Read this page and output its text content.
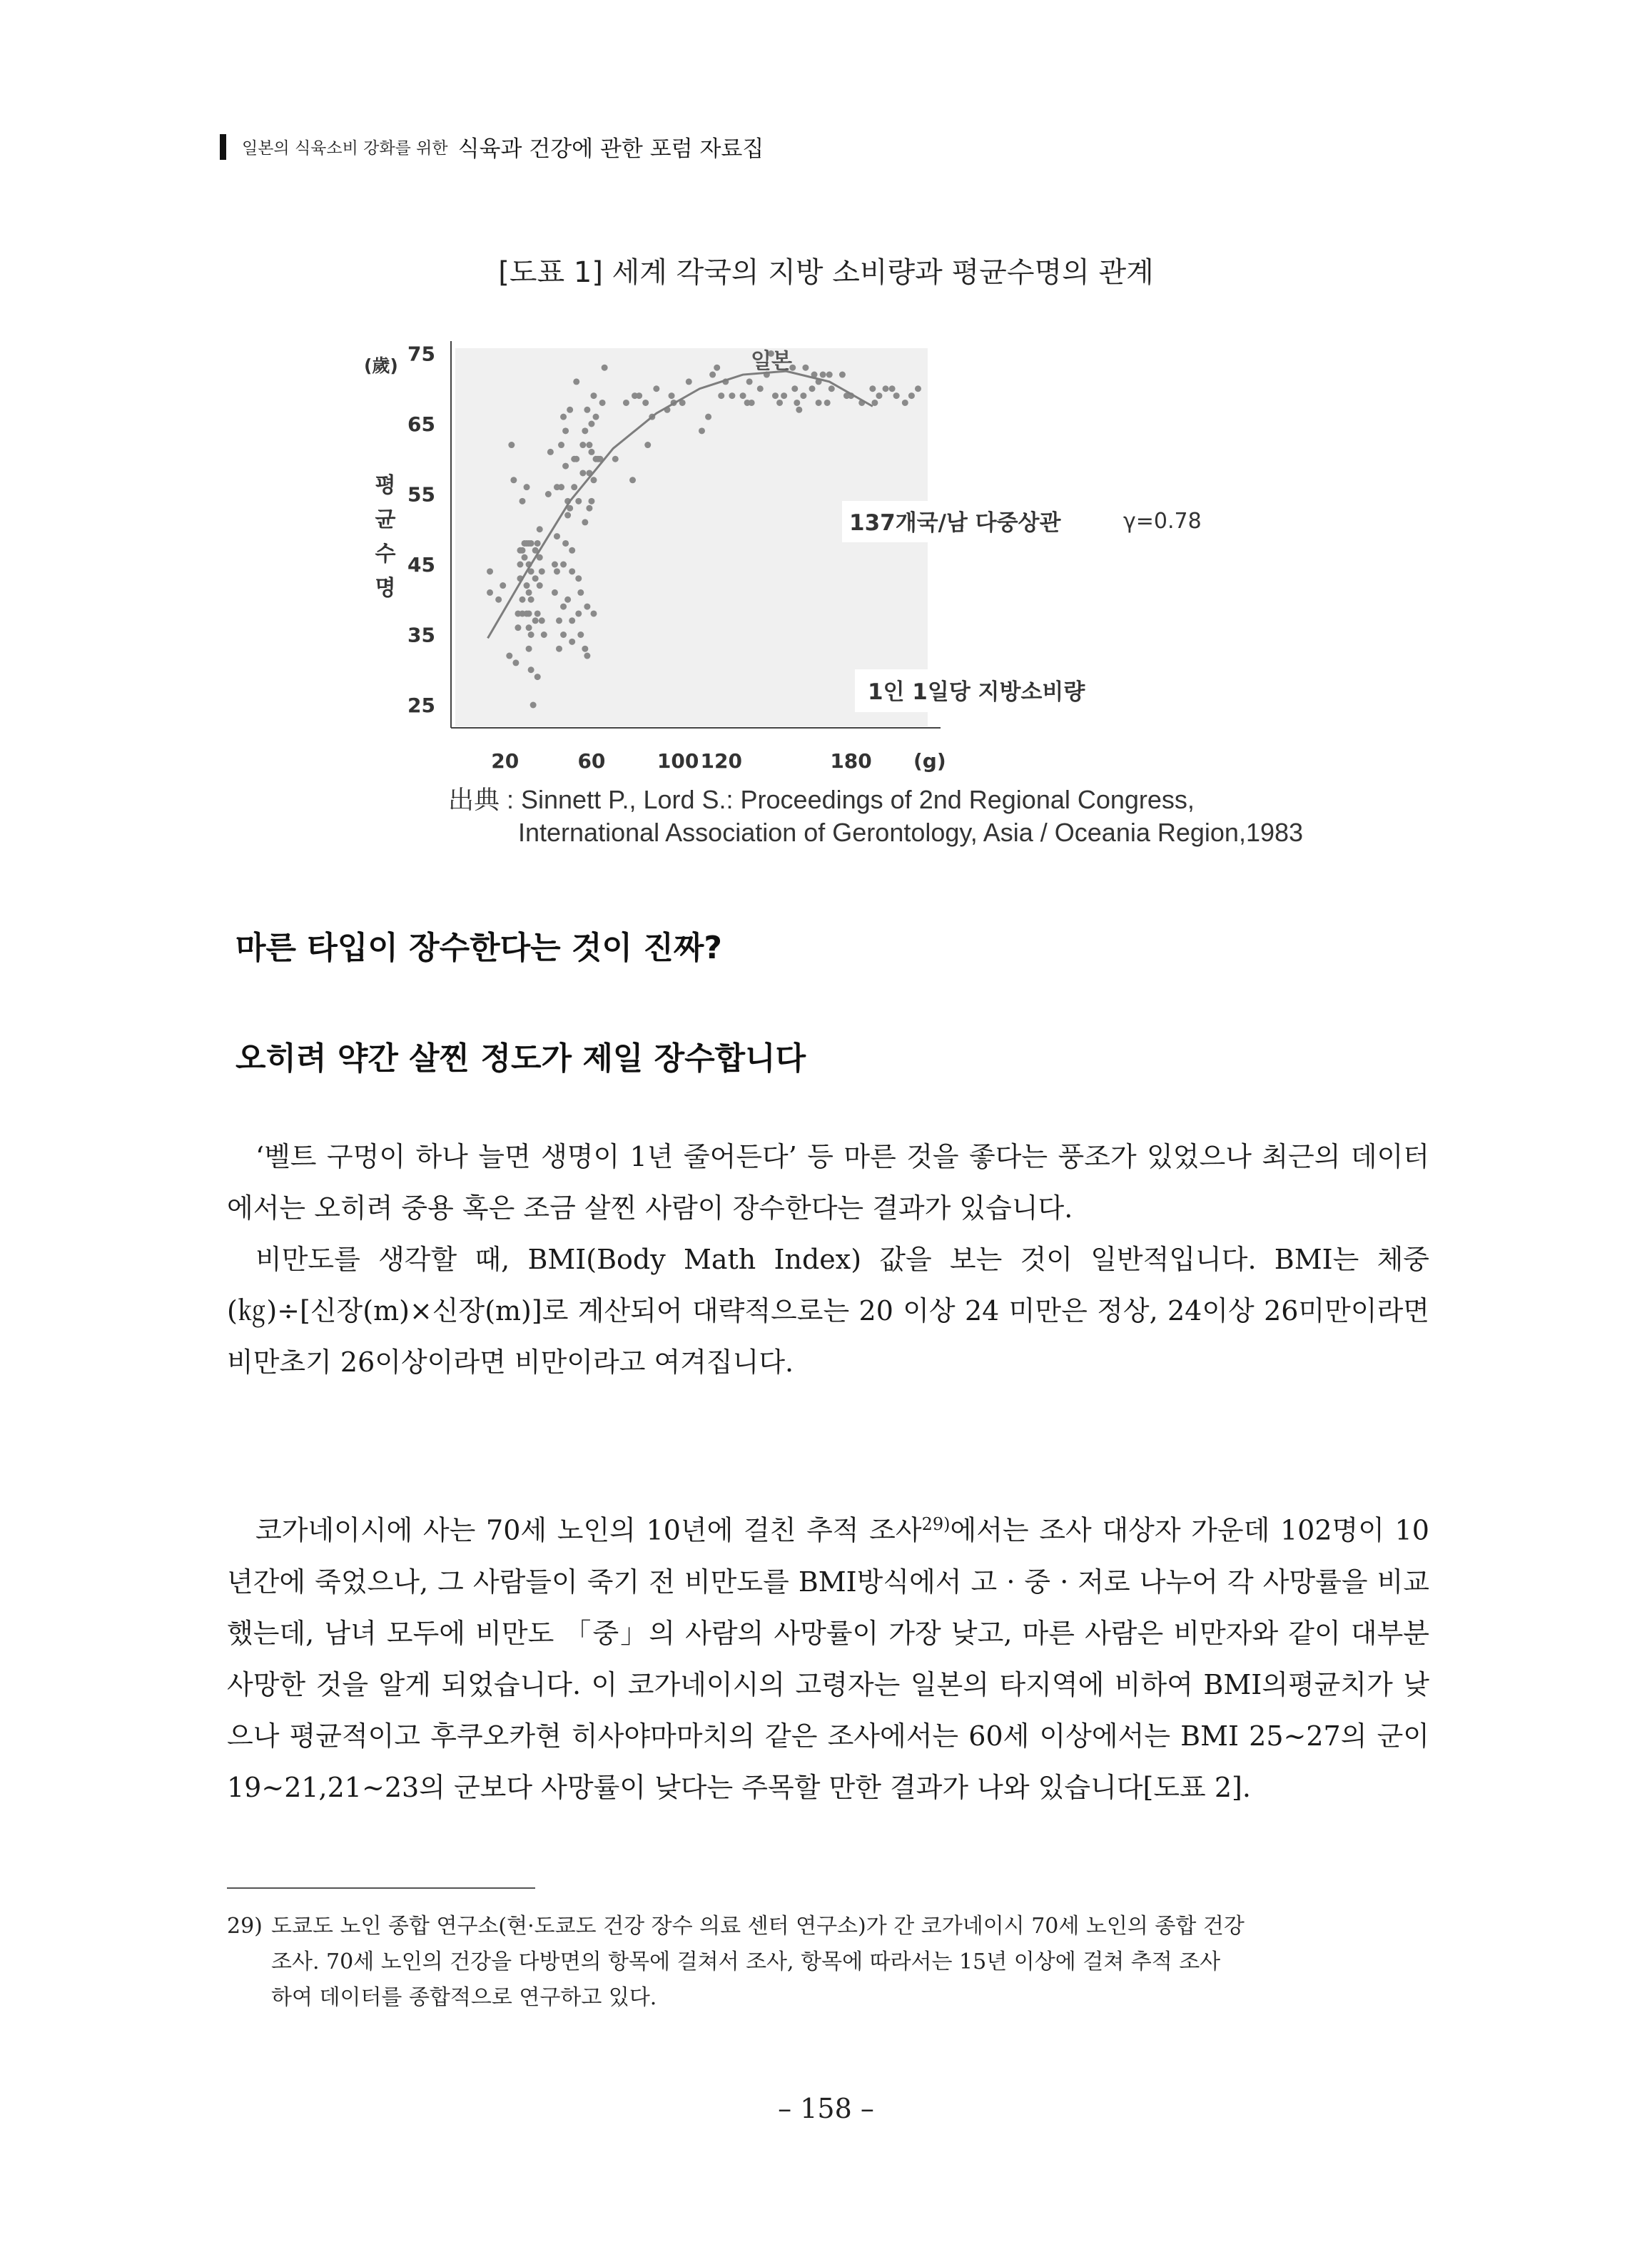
일본의 식육소비 강화를 위한 식육과 건강에 관한 포럼 자료집
[도표 1] 세계 각국의 지방 소비량과 평균수명의 관계
75
65
55
45
35
25
20	60	100 120	180
(歲)
평
균
수
명
(g)
일본
137개국/남 다중상관	γ=0.78
1인 1일당 지방소비량
出典 : Sinnett P., Lord S.: Proceedings of 2nd Regional Congress,
International Association of Gerontology, Asia / Oceania Region,1983
마른 타입이 장수한다는 것이 진짜?
오히려 약간 살찐 정도가 제일 장수합니다

‘벨트 구멍이 하나 늘면 생명이 1년 줄어든다’ 등 마른 것을 좋다는 풍조가 있었으나 최근의 데이터에서는 오히려 중용 혹은 조금 살찐 사람이 장수한다는 결과가 있습니다.

비만도를 생각할 때, BMI(Body Math Index) 값을 보는 것이 일반적입니다. BMI는 체중(㎏)÷[신장(m)×신장(m)]로 계산되어 대략적으로는 20 이상 24 미만은 정상, 24이상 26미만이라면 비만초기 26이상이라면 비만이라고 여겨집니다.

코가네이시에 사는 70세 노인의 10년에 걸친 추적 조사$^{29)}$에서는 조사 대상자 가운데 102명이 10년간에 죽었으나, 그 사람들이 죽기 전 비만도를 BMI방식에서 고 · 중 · 저로 나누어 각 사망률을 비교했는데, 남녀 모두에 비만도 「중」의 사람의 사망률이 가장 낮고, 마른 사람은 비만자와 같이 대부분 사망한 것을 알게 되었습니다. 이 코가네이시의 고령자는 일본의 타지역에 비하여 BMI의평균치가 낮으나 평균적이고 후쿠오카현 히사야마마치의 같은 조사에서는 60세 이상에서는 BMI 25~27의 군이 19~21,21~23의 군보다 사망률이 낮다는 주목할 만한 결과가 나와 있습니다[도표 2].

29) 도쿄도 노인 종합 연구소(현·도쿄도 건강 장수 의료 센터 연구소)가 간 코가네이시 70세 노인의 종합 건강
조사. 70세 노인의 건강을 다방면의 항목에 걸쳐서 조사, 항목에 따라서는 15년 이상에 걸쳐 추적 조사
하여 데이터를 종합적으로 연구하고 있다.
– 158 –
